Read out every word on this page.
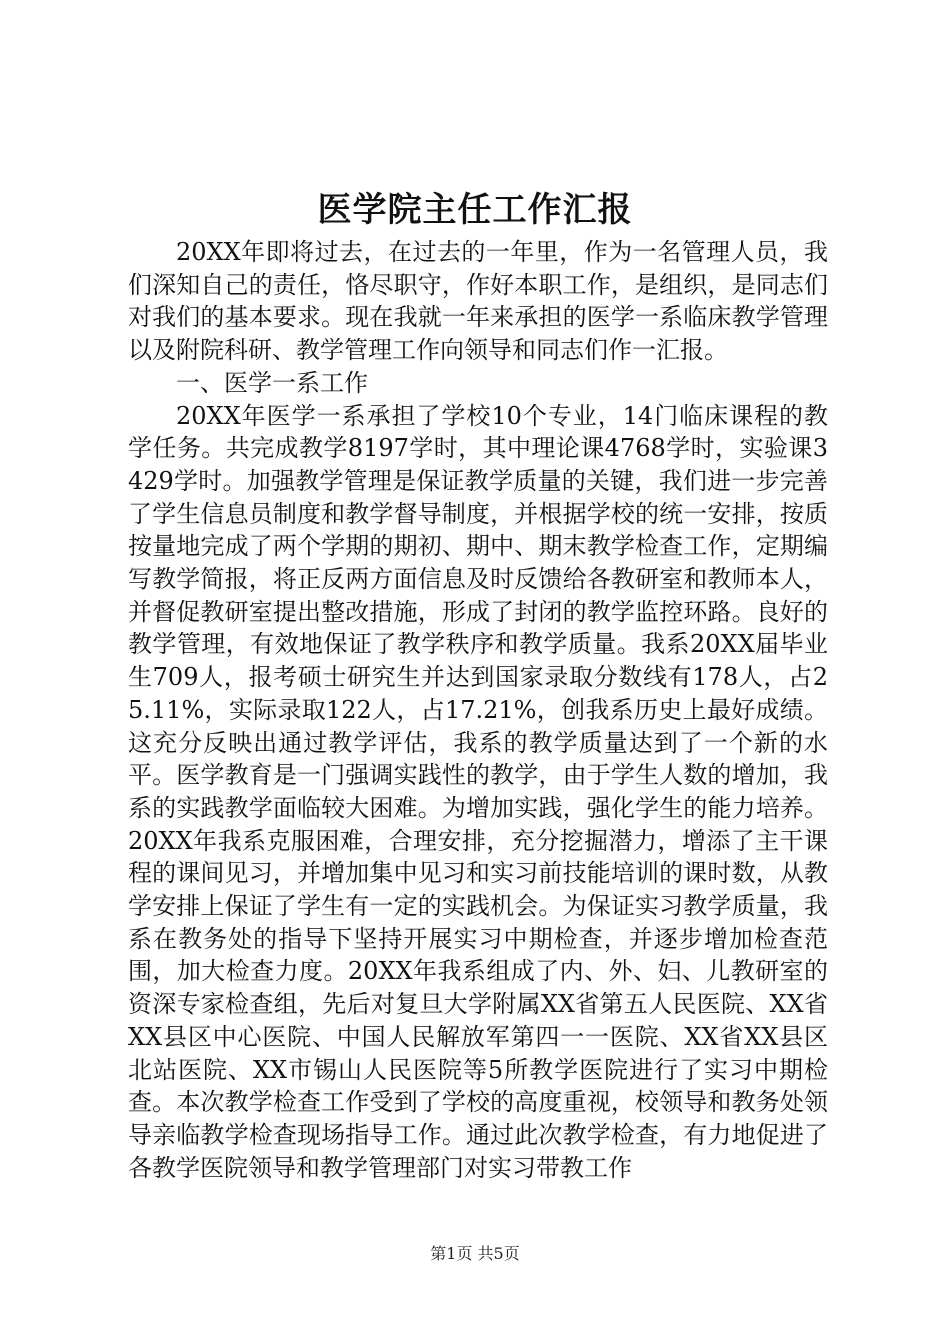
医学院主任工作汇报

20XX年即将过去，在过去的一年里，作为一名管理人员，我们深知自己的责任，恪尽职守，作好本职工作，是组织，是同志们对我们的基本要求。现在我就一年来承担的医学一系临床教学管理以及附院科研、教学管理工作向领导和同志们作一汇报。

一、医学一系工作

20XX年医学一系承担了学校10个专业，14门临床课程的教学任务。共完成教学8197学时，其中理论课4768学时，实验课3429学时。加强教学管理是保证教学质量的关键，我们进一步完善了学生信息员制度和教学督导制度，并根据学校的统一安排，按质按量地完成了两个学期的期初、期中、期末教学检查工作，定期编写教学简报，将正反两方面信息及时反馈给各教研室和教师本人，并督促教研室提出整改措施，形成了封闭的教学监控环路。良好的教学管理，有效地保证了教学秩序和教学质量。我系20XX届毕业生709人，报考硕士研究生并达到国家录取分数线有178人，占25.11%，实际录取122人，占17.21%，创我系历史上最好成绩。这充分反映出通过教学评估，我系的教学质量达到了一个新的水平。医学教育是一门强调实践性的教学，由于学生人数的增加，我系的实践教学面临较大困难。为增加实践，强化学生的能力培养。20XX年我系克服困难，合理安排，充分挖掘潜力，增添了主干课程的课间见习，并增加集中见习和实习前技能培训的课时数，从教学安排上保证了学生有一定的实践机会。为保证实习教学质量，我系在教务处的指导下坚持开展实习中期检查，并逐步增加检查范围，加大检查力度。20XX年我系组成了内、外、妇、儿教研室的资深专家检查组，先后对复旦大学附属XX省第五人民医院、XX省XX县区中心医院、中国人民解放军第四一一医院、XX省XX县区北站医院、XX市锡山人民医院等5所教学医院进行了实习中期检查。本次教学检查工作受到了学校的高度重视，校领导和教务处领导亲临教学检查现场指导工作。通过此次教学检查，有力地促进了各教学医院领导和教学管理部门对实习带教工作

第1页 共5页
